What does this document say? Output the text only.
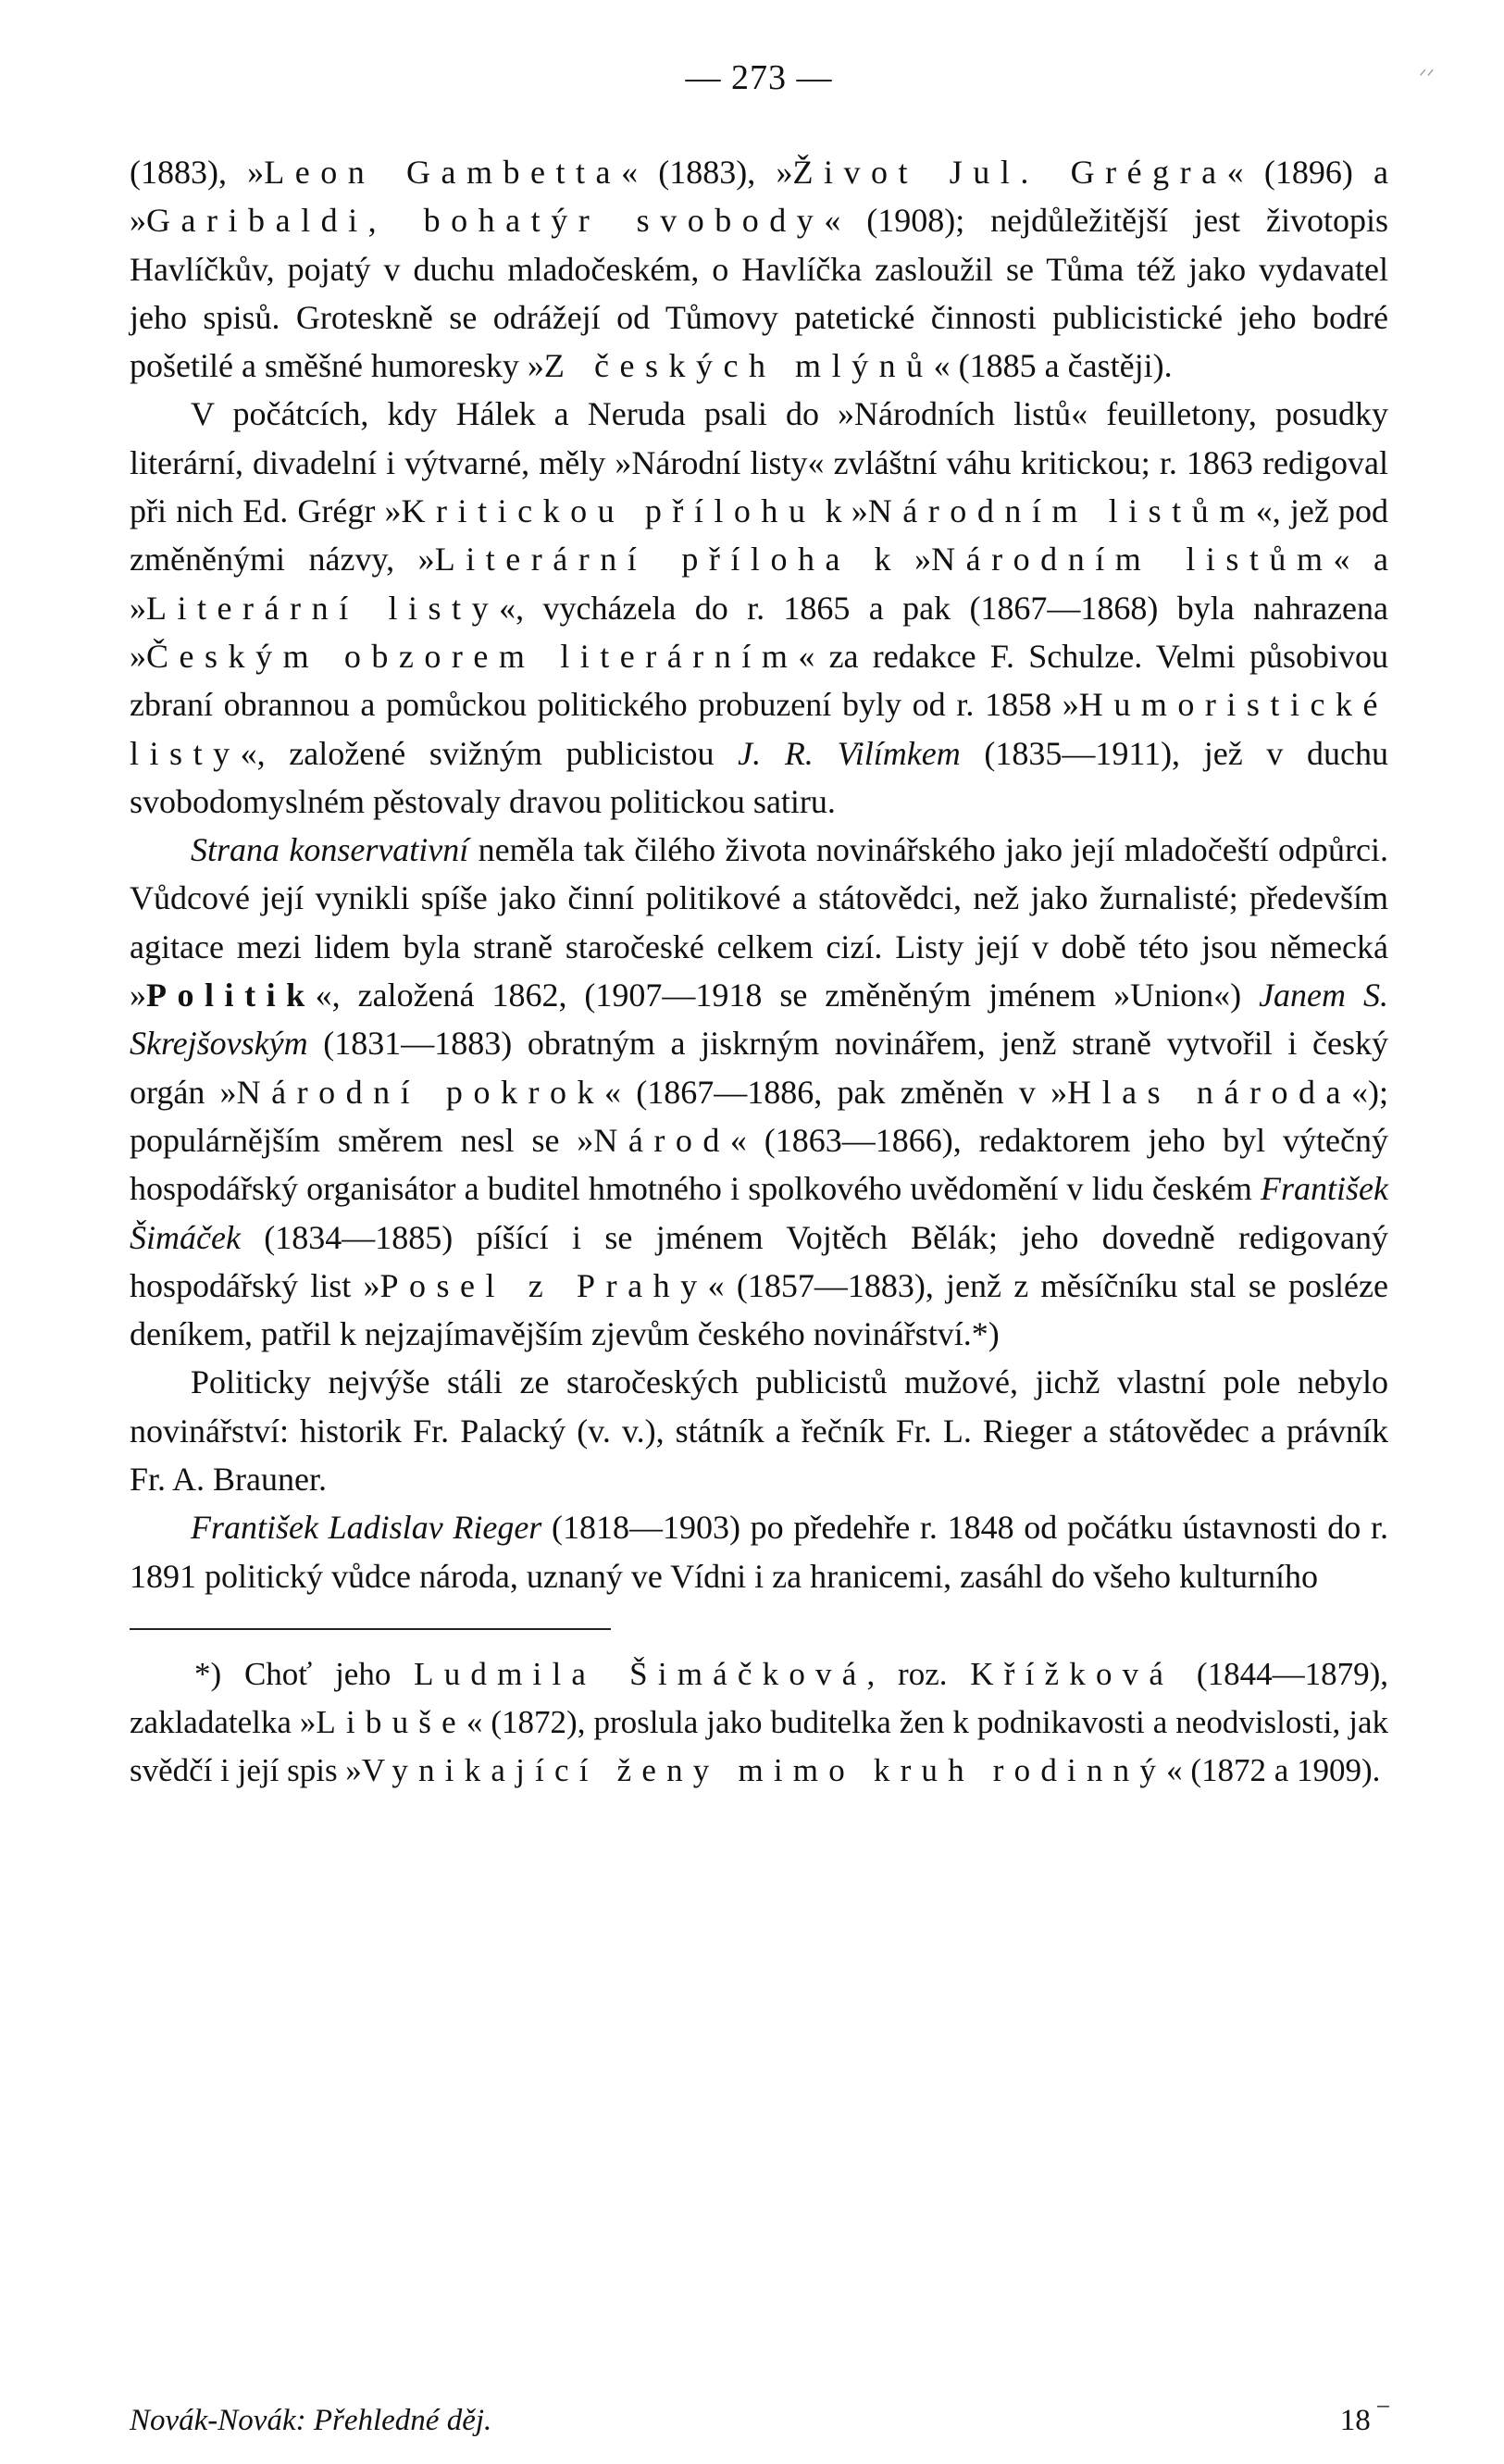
ᐟᐟ
— 273 —

(1883), »Leon Gambetta« (1883), »Život Jul. Grégra« (1896) a »Garibaldi, bohatýr svobody« (1908); nejdůležitější jest životopis Havlíčkův, pojatý v duchu mladočeském, o Havlíčka zasloužil se Tůma též jako vydavatel jeho spisů. Groteskně se odrážejí od Tůmovy patetické činnosti publicistické jeho bodré pošetilé a směšné humoresky »Z českých mlýnů« (1885 a častěji).

V počátcích, kdy Hálek a Neruda psali do »Národních listů« feuilletony, posudky literární, divadelní i výtvarné, měly »Národní listy« zvláštní váhu kritickou; r. 1863 redigoval při nich Ed. Grégr »Kritickou přílohu k »Národním listům«, jež pod změněnými názvy, »Literární příloha k »Národním listům« a »Literární listy«, vycházela do r. 1865 a pak (1867—1868) byla nahrazena »Českým obzorem literárním« za redakce F. Schulze. Velmi působivou zbraní obrannou a pomůckou politického probuzení byly od r. 1858 »Humoristické listy«, založené svižným publicistou J. R. Vilímkem (1835—1911), jež v duchu svobodomyslném pěstovaly dravou politickou satiru.

Strana konservativní neměla tak čilého života novinářského jako její mladočeští odpůrci. Vůdcové její vynikli spíše jako činní politikové a státovědci, než jako žurnalisté; především agitace mezi lidem byla straně staročeské celkem cizí. Listy její v době této jsou německá »Politik«, založená 1862, (1907—1918 se změněným jménem »Union«) Janem S. Skrejšovským (1831—1883) obratným a jiskrným novinářem, jenž straně vytvořil i český orgán »Národní pokrok« (1867—1886, pak změněn v »Hlas národa«); populárnějším směrem nesl se »Národ« (1863—1866), redaktorem jeho byl výtečný hospodářský organisátor a buditel hmotného i spolkového uvědomění v lidu českém František Šimáček (1834—1885) píšící i se jménem Vojtěch Bělák; jeho dovedně redigovaný hospodářský list »Posel z Prahy« (1857—1883), jenž z měsíčníku stal se posléze deníkem, patřil k nejzajímavějším zjevům českého novinářství.*)

Politicky nejvýše stáli ze staročeských publicistů mužové, jichž vlastní pole nebylo novinářství: historik Fr. Palacký (v. v.), státník a řečník Fr. L. Rieger a státovědec a právník Fr. A. Brauner.

František Ladislav Rieger (1818—1903) po předehře r. 1848 od počátku ústavnosti do r. 1891 politický vůdce národa, uznaný ve Vídni i za hranicemi, zasáhl do všeho kulturního

*) Choť jeho Ludmila Šimáčková, roz. Křížková (1844—1879), zakladatelka »Libuše« (1872), proslula jako buditelka žen k podnikavosti a neodvislosti, jak svědčí i její spis »Vynikající ženy mimo kruh rodinný« (1872 a 1909).

Novák-Novák: Přehledné děj.	18 ‾
